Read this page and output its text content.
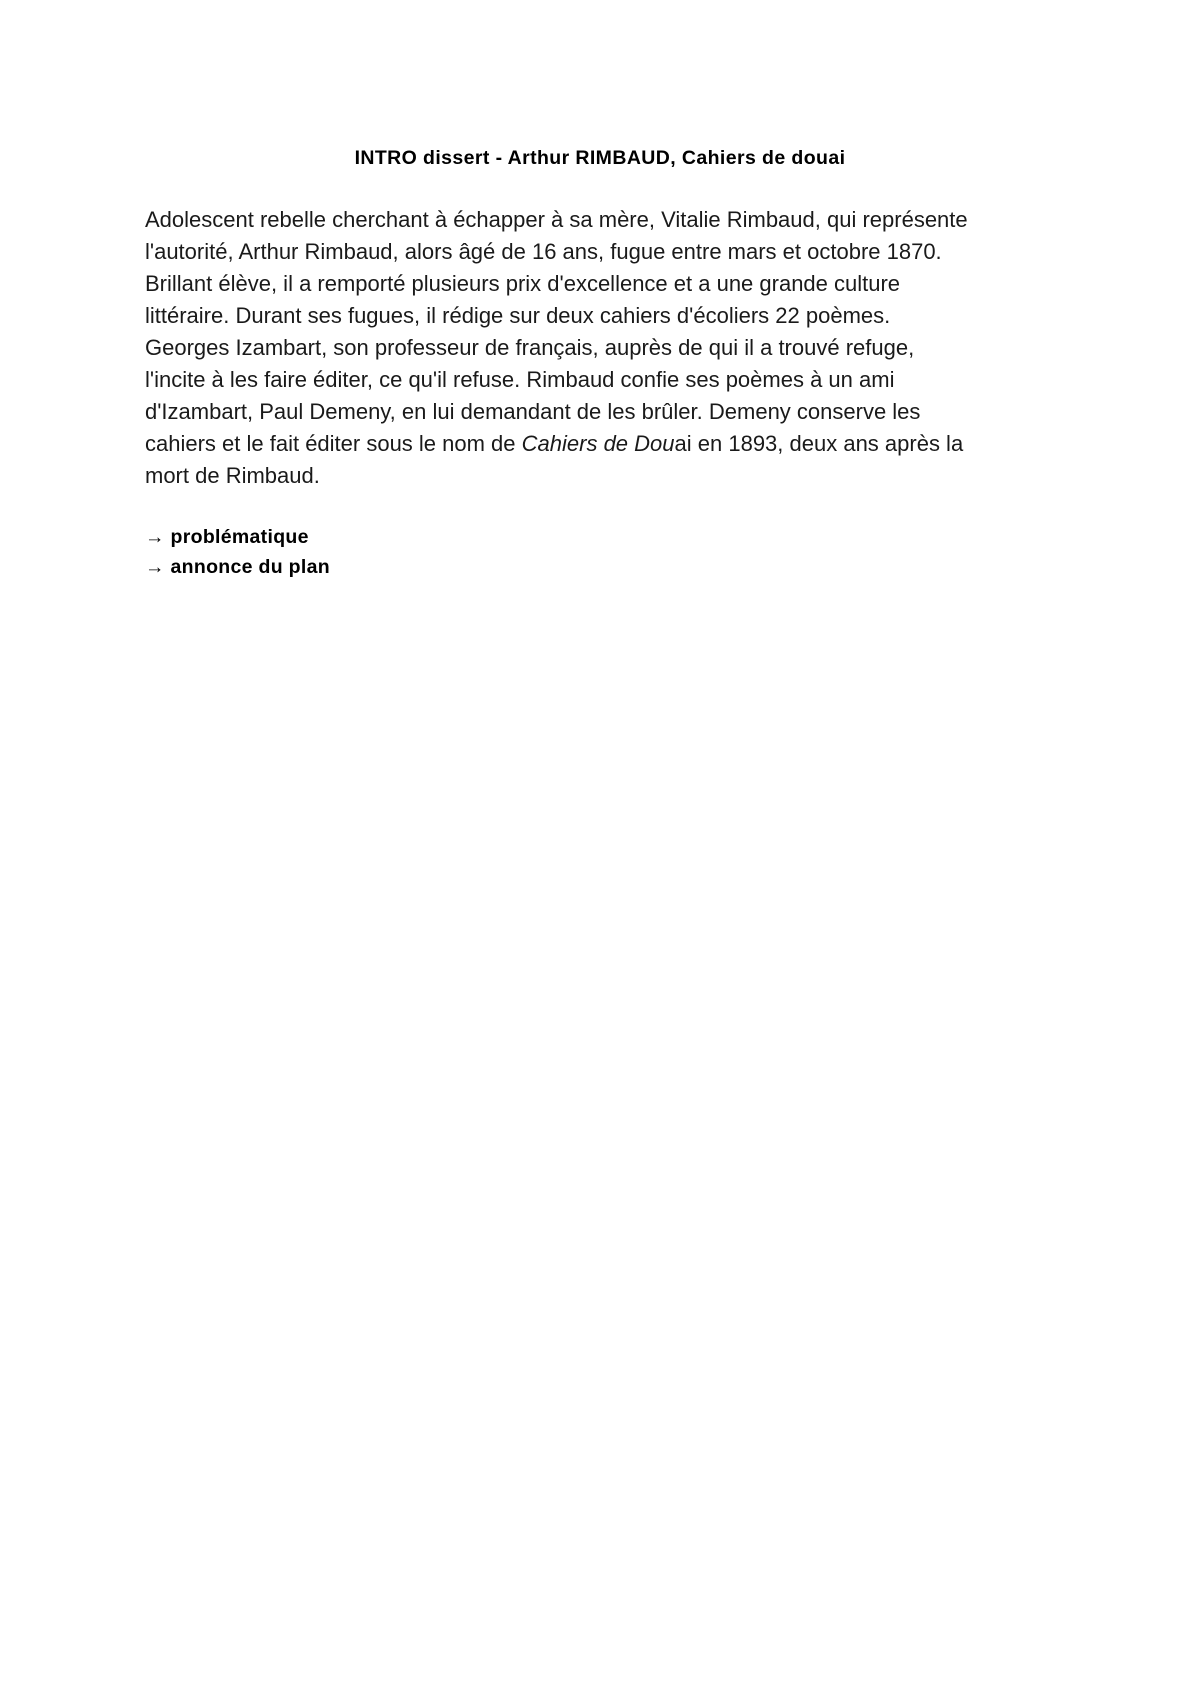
INTRO dissert - Arthur RIMBAUD, Cahiers de douai

Adolescent rebelle cherchant à échapper à sa mère, Vitalie Rimbaud, qui représente
l'autorité, Arthur Rimbaud, alors âgé de 16 ans, fugue entre mars et octobre 1870.
Brillant élève, il a remporté plusieurs prix d'excellence et a une grande culture
littéraire. Durant ses fugues, il rédige sur deux cahiers d'écoliers 22 poèmes.
Georges Izambart, son professeur de français, auprès de qui il a trouvé refuge,
l'incite à les faire éditer, ce qu'il refuse. Rimbaud confie ses poèmes à un ami
d'Izambart, Paul Demeny, en lui demandant de les brûler. Demeny conserve les
cahiers et le fait éditer sous le nom de Cahiers de Douai en 1893, deux ans après la
mort de Rimbaud.

→ problématique
→ annonce du plan
